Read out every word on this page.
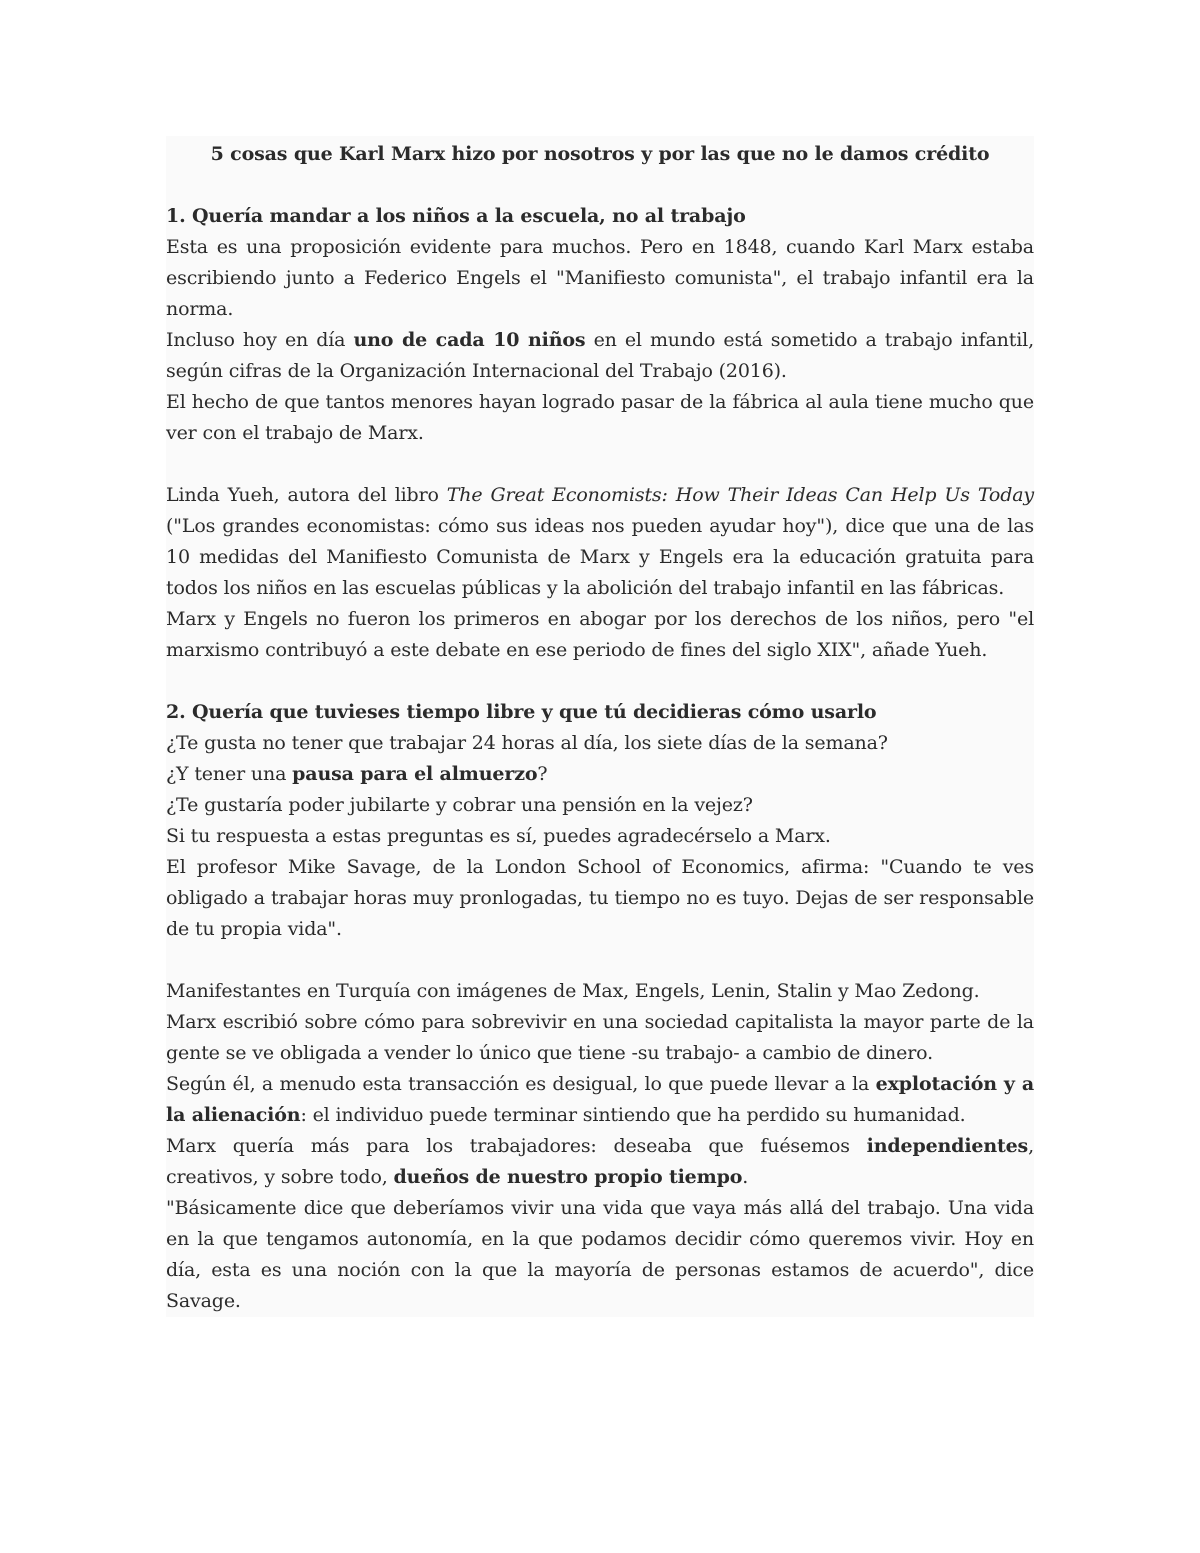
5 cosas que Karl Marx hizo por nosotros y por las que no le damos crédito
1. Quería mandar a los niños a la escuela, no al trabajo

Esta es una proposición evidente para muchos. Pero en 1848, cuando Karl Marx estaba escribiendo junto a Federico Engels el "Manifiesto comunista", el trabajo infantil era la norma.

Incluso hoy en día uno de cada 10 niños en el mundo está sometido a trabajo infantil, según cifras de la Organización Internacional del Trabajo (2016).

El hecho de que tantos menores hayan logrado pasar de la fábrica al aula tiene mucho que ver con el trabajo de Marx.

Linda Yueh, autora del libro The Great Economists: How Their Ideas Can Help Us Today ("Los grandes economistas: cómo sus ideas nos pueden ayudar hoy"), dice que una de las 10 medidas del Manifiesto Comunista de Marx y Engels era la educación gratuita para todos los niños en las escuelas públicas y la abolición del trabajo infantil en las fábricas.

Marx y Engels no fueron los primeros en abogar por los derechos de los niños, pero "el marxismo contribuyó a este debate en ese periodo de fines del siglo XIX", añade Yueh.

2. Quería que tuvieses tiempo libre y que tú decidieras cómo usarlo

¿Te gusta no tener que trabajar 24 horas al día, los siete días de la semana?

¿Y tener una pausa para el almuerzo?

¿Te gustaría poder jubilarte y cobrar una pensión en la vejez?

Si tu respuesta a estas preguntas es sí, puedes agradecérselo a Marx.

El profesor Mike Savage, de la London School of Economics, afirma: "Cuando te ves obligado a trabajar horas muy pronlogadas, tu tiempo no es tuyo. Dejas de ser responsable de tu propia vida".

Manifestantes en Turquía con imágenes de Max, Engels, Lenin, Stalin y Mao Zedong.

Marx escribió sobre cómo para sobrevivir en una sociedad capitalista la mayor parte de la gente se ve obligada a vender lo único que tiene -su trabajo- a cambio de dinero.

Según él, a menudo esta transacción es desigual, lo que puede llevar a la explotación y a la alienación: el individuo puede terminar sintiendo que ha perdido su humanidad.

Marx quería más para los trabajadores: deseaba que fuésemos independientes, creativos, y sobre todo, dueños de nuestro propio tiempo.

"Básicamente dice que deberíamos vivir una vida que vaya más allá del trabajo. Una vida en la que tengamos autonomía, en la que podamos decidir cómo queremos vivir. Hoy en día, esta es una noción con la que la mayoría de personas estamos de acuerdo", dice Savage.
